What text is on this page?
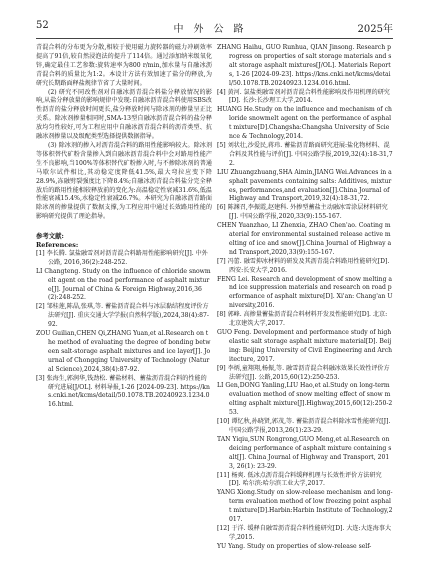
52	中外公路	2025年

青混合料的分布更为分散,相较于使用磁力旋转器的磁力冲刷效率提高了91倍,较自然浸泡法的提升了114倍。通过添加纳米级氧化锌,确定最佳工艺参数:旋转速率为800 r/min,加水量与自融冰沥青混合料的质量比为1:2。本设计方法有效加速了盐分的释放,为研究长期路面释盐规律节省了大量时间。

(2) 研究不同改性剂对自融冰沥青混合料盐分释放情况的影响,从盐分释放量的影响规律中发现:自融冰沥青混合料使用SBS改性沥青的盐分释放时间更长,盐分释放时间与除冰剂的掺量呈正比关系。除冰剂掺量相同时,SMA-13型自融冰沥青混合料的盐分释放均匀性较好,可为工程应用中自融冰沥青混合料的沥青类型、抗融冰剂掺量以及级配类型选择提供数据指导。

(3) 除冰剂的掺入对沥青混合料的路用性能影响较大。除冰剂等体积替代矿粉含量掺入到自融冰沥青混合料中会对路用性能产生不良影响,当100%等体积替代矿粉掺入时,与不掺除冰剂的普通马歇尔试件相比,其动稳定度降低41.5%,最大弯拉应变下降28.9%,冻融劈裂强度比下降8.4%;自融冰沥青混合料盐分完全释放后的路用性能相较释放前的变化为:高温稳定性衰减31.6%,低温性能衰减15.4%,水稳定性衰减26.7%。本研究为自融冰沥青路面除冰剂的掺量提供了数据支撑,为工程应用中通过长效路用性能的影响研究提供了理论指导。

参考文献:

References:

[1] 李长腾. 氯盐融雪剂对沥青混合料路用性能影响研究[J]. 中外公路, 2016,36(2):248-252.

LI Changteng. Study on the influence of chloride snowmelt agent on the road performance of asphalt mixture[J]. Journal of China & Foreign Highway,2016,36(2):248-252.

[2] 邹桂莲,陈晶,张琪,等. 蓄盐沥青混合料与冰层黏结程度评价方法研究[J]. 重庆交通大学学报(自然科学版),2024,38(4):87-92.

ZOU Guilian,CHEN Qi,ZHANG Yuan,et al.Research on the method of evaluating the degree of bonding between salt-storage asphalt mixtures and ice layer[J]. Journal of Chongqing University of Technology (Natural Science),2024,38(4):87-92.

[3] 张海生,郭润华,钱劲松. 蓄盐材料、蓄盐沥青混合料的性能的研究进展[J/OL]. 材料导报,1-26 [2024-09-23]. https://kns.cnki.net/kcms/detail/50.1078.TB.20240923.1234.016.html.

ZHANG Haihu, GUO Runhua, QIAN Jinsong. Research progress on properties of salt storage materials and salt storage asphalt mixtures[J/OL]. Materials Reports, 1-26 [2024-09-23]. https://kns.cnki.net/kcms/detail/50.1078.TB.20240923.1234.016.html.

[4] 黄河. 氯盐类融雪剂对沥青混合料性能影响及作用机理的研究[D]. 长沙:长沙理工大学,2014.

HUANG He.Study on the influence and mechanism of chloride snowmelt agent on the performance of asphalt mixture[D].Changsha:Changsha University of Science & Technology,2014.

[5] 刘状壮,沙爱民,蒋玮. 蓄盐沥青路面研究进展:盐化物材料、混合料及其性能与评价[J]. 中国公路学报,2019,32(4):18-31,72.

LIU Zhuangzhuang,SHA Aimin,JIANG Wei.Advances in asphalt pavements containing salts: Additives, mixtures, performances,and evaluation[J].China Journal of Highway and Transport,2019,32(4):18-31,72.

[6] 陈渊召,李振霞,赵建科. 外掺型蓄盐主动融冰雪涂层材料研究[J]. 中国公路学报,2020,33(9):155-167.

CHEN Yuanzhao, LI Zhenxia, ZHAO Chen'ao. Coating material for environmental sustained release active melting of ice and snow[J].China Journal of Highway and Transport,2020,33(9):155-167.

[7] 冯蕾. 融雪抑冰材料的研发及其沥青混合料路用性能研究[D]. 西安:长安大学,2016.

FENG Lei. Research and development of snow melting and ice suppression materials and research on road performance of asphalt mixture[D]. Xi'an: Chang'an University,2016.

[8] 郭峰. 高掺量蓄盐沥青混合料材料开发及性能研究[D]. 北京:北京建筑大学,2017.

GUO Feng. Development and performance study of high elastic salt storage asphalt mixture material[D]. Beijing: Beijing University of Civil Engineering and Architecture, 2017.

[9] 李炳,童翔翔,杨振,等. 融雪沥青混合料融冰效果长效性评价方法研究[J]. 公路,2015,60(12):250-253.

LI Gen,DONG Yanling,LIU Hao,et al.Study on long-term evaluation method of snow melting effect of snow melting asphalt mixture[J].Highway,2015,60(12):250-253.

[10] 谭忆秋,孙晓贤,郭茂,等. 蓄盐沥青混合料除冰雪性能研究[J]. 中国公路学报,2013,26(1):23-29.

TAN Yiqiu,SUN Rongrong,GUO Meng,et al.Research on deicing performance of asphalt mixture containing salt[J]. China Journal of Highway and Transport, 2013, 26(1): 23-29.

[11] 杨爽. 低冰点沥青混合料缓释机理与长效性评价方法研究[D]. 哈尔滨:哈尔滨工业大学,2017.

YANG Xiong.Study on slow-release mechanism and long-term evaluation method of low freezing point asphalt mixture[D].Harbin:Harbin Institute of Technology,2017.

[12] 于洋. 缓释自融雪沥青混合料性能研究[D]. 大连:大连海事大学,2015.

YU Yang. Study on properties of slow-release self-
